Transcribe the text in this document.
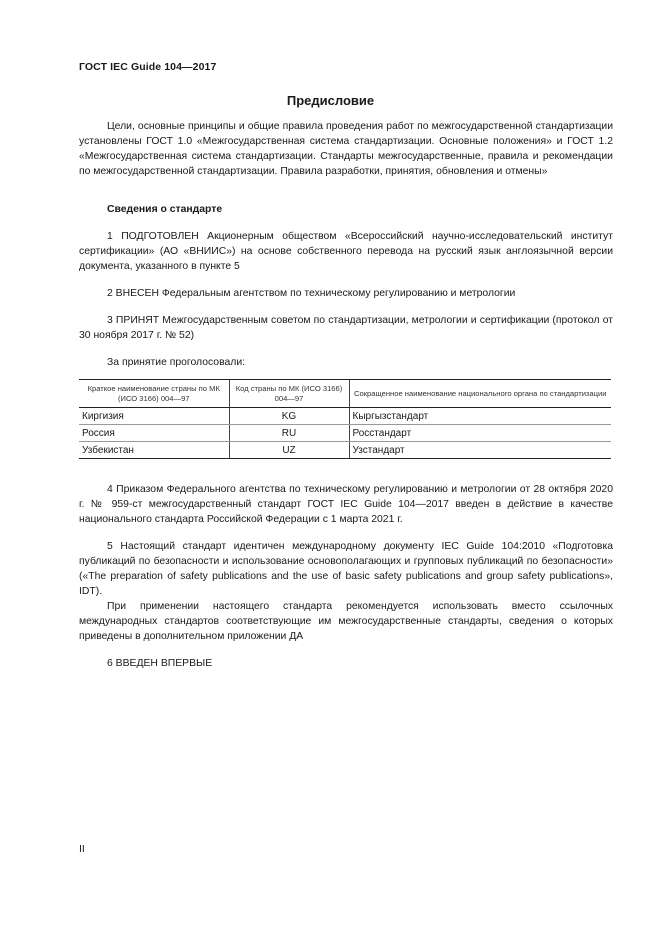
ГОСТ IEC Guide 104—2017
Предисловие

Цели, основные принципы и общие правила проведения работ по межгосударственной стандартизации установлены ГОСТ 1.0 «Межгосударственная система стандартизации. Основные положения» и ГОСТ 1.2 «Межгосударственная система стандартизации. Стандарты межгосударственные, правила и рекомендации по межгосударственной стандартизации. Правила разработки, принятия, обновления и отмены»

Сведения о стандарте

1 ПОДГОТОВЛЕН Акционерным обществом «Всероссийский научно-исследовательский институт сертификации» (АО «ВНИИС») на основе собственного перевода на русский язык англоязычной версии документа, указанного в пункте 5

2 ВНЕСЕН Федеральным агентством по техническому регулированию и метрологии

3 ПРИНЯТ Межгосударственным советом по стандартизации, метрологии и сертификации (протокол от 30 ноября 2017 г. № 52)

За принятие проголосовали:

Краткое наименование страны по МК (ИСО 3166) 004—97	Код страны по МК (ИСО 3166) 004—97	Сокращенное наименование национального органа по стандартизации
Киргизия	KG	Кыргызстандарт
Россия	RU	Росстандарт
Узбекистан	UZ	Узстандарт

4 Приказом Федерального агентства по техническому регулированию и метрологии от 28 октября 2020 г. № 959-ст межгосударственный стандарт ГОСТ IEC Guide 104—2017 введен в действие в качестве национального стандарта Российской Федерации с 1 марта 2021 г.

5 Настоящий стандарт идентичен международному документу IEC Guide 104:2010 «Подготовка публикаций по безопасности и использование основополагающих и групповых публикаций по безопасности» («The preparation of safety publications and the use of basic safety publications and group safety publications», IDT).

При применении настоящего стандарта рекомендуется использовать вместо ссылочных международных стандартов соответствующие им межгосударственные стандарты, сведения о которых приведены в дополнительном приложении ДА

6 ВВЕДЕН ВПЕРВЫЕ

II
